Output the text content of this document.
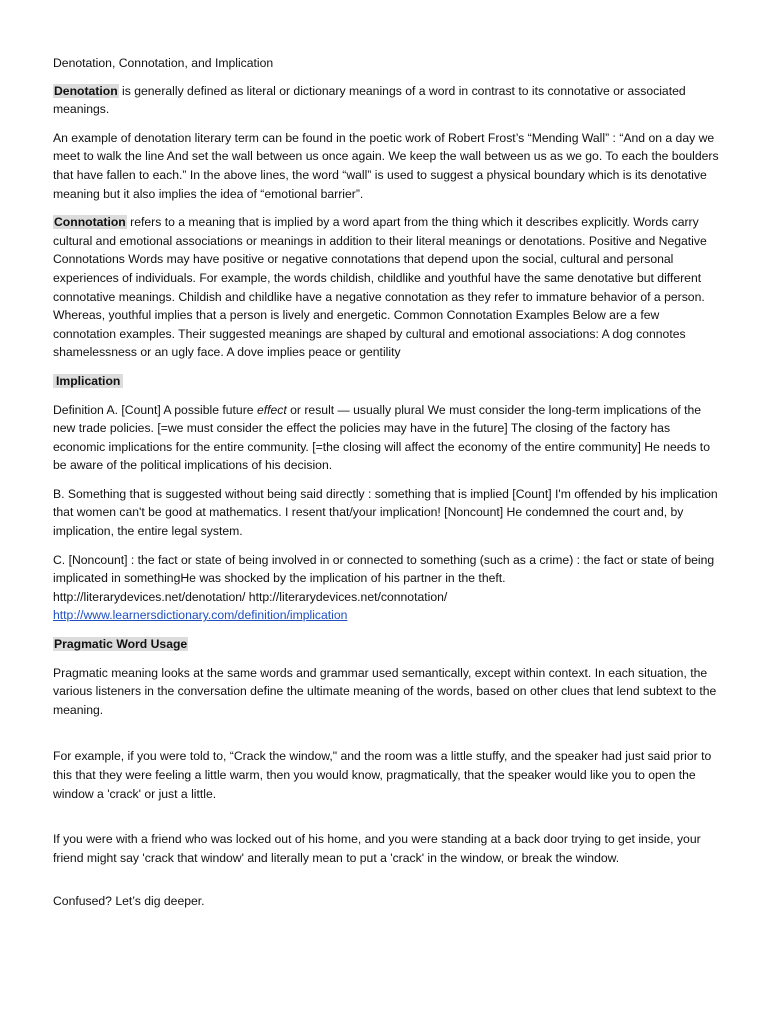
Denotation, Connotation, and Implication

Denotation is generally defined as literal or dictionary meanings of a word in contrast to its connotative or associated meanings.

An example of denotation literary term can be found in the poetic work of Robert Frost’s “Mending Wall” : “And on a day we meet to walk the line And set the wall between us once again. We keep the wall between us as we go. To each the boulders that have fallen to each.” In the above lines, the word “wall” is used to suggest a physical boundary which is its denotative meaning but it also implies the idea of “emotional barrier”.

Connotation refers to a meaning that is implied by a word apart from the thing which it describes explicitly. Words carry cultural and emotional associations or meanings in addition to their literal meanings or denotations. Positive and Negative Connotations Words may have positive or negative connotations that depend upon the social, cultural and personal experiences of individuals. For example, the words childish, childlike and youthful have the same denotative but different connotative meanings. Childish and childlike have a negative connotation as they refer to immature behavior of a person. Whereas, youthful implies that a person is lively and energetic. Common Connotation Examples Below are a few connotation examples. Their suggested meanings are shaped by cultural and emotional associations: A dog connotes shamelessness or an ugly face. A dove implies peace or gentility

Implication

Definition A. [Count] A possible future effect or result — usually plural We must consider the long-term implications of the new trade policies. [=we must consider the effect the policies may have in the future] The closing of the factory has economic implications for the entire community. [=the closing will affect the economy of the entire community] He needs to be aware of the political implications of his decision.

B. Something that is suggested without being said directly : something that is implied [Count] I'm offended by his implication that women can't be good at mathematics. I resent that/your implication! [Noncount] He condemned the court and, by implication, the entire legal system.

C. [Noncount] : the fact or state of being involved in or connected to something (such as a crime) : the fact or state of being implicated in somethingHe was shocked by the implication of his partner in the theft.

http://literarydevices.net/denotation/ http://literarydevices.net/connotation/

http://www.learnersdictionary.com/definition/implication

Pragmatic Word Usage

Pragmatic meaning looks at the same words and grammar used semantically, except within context. In each situation, the various listeners in the conversation define the ultimate meaning of the words, based on other clues that lend subtext to the meaning.

For example, if you were told to, “Crack the window," and the room was a little stuffy, and the speaker had just said prior to this that they were feeling a little warm, then you would know, pragmatically, that the speaker would like you to open the window a 'crack' or just a little.

If you were with a friend who was locked out of his home, and you were standing at a back door trying to get inside, your friend might say 'crack that window' and literally mean to put a 'crack' in the window, or break the window.

Confused? Let’s dig deeper.
